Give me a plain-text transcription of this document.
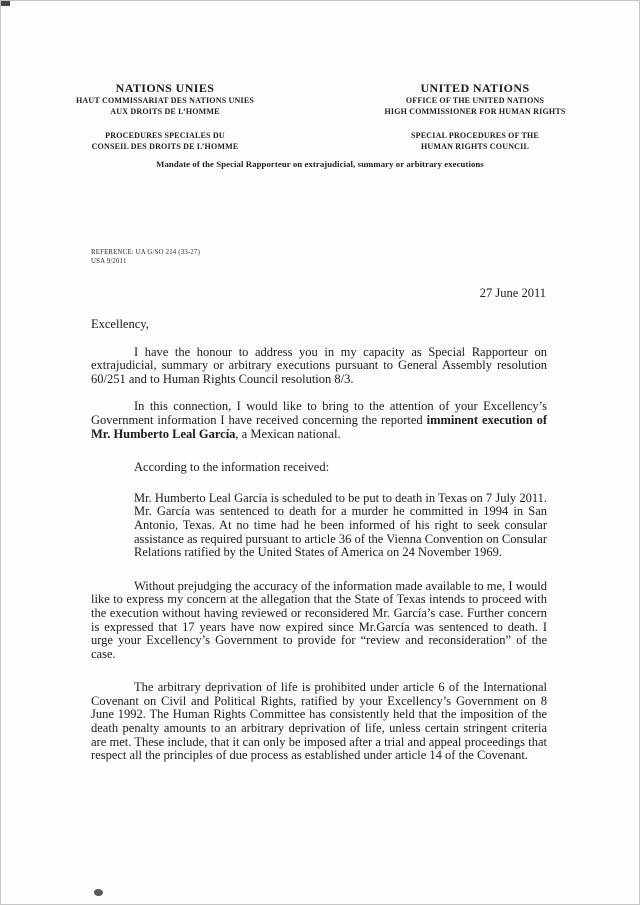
NATIONS UNIES
HAUT COMMISSARIAT DES NATIONS UNIES
AUX DROITS DE L’HOMME
PROCEDURES SPECIALES DU
CONSEIL DES DROITS DE L’HOMME
UNITED NATIONS
OFFICE OF THE UNITED NATIONS
HIGH COMMISSIONER FOR HUMAN RIGHTS
SPECIAL PROCEDURES OF THE
HUMAN RIGHTS COUNCIL
Mandate of the Special Rapporteur on extrajudicial, summary or arbitrary executions
REFERENCE: UA G/SO 214 (33-27)
USA 9/2011
27 June 2011

Excellency,

I have the honour to address you in my capacity as Special Rapporteur on extrajudicial, summary or arbitrary executions pursuant to General Assembly resolution 60/251 and to Human Rights Council resolution 8/3.

In this connection, I would like to bring to the attention of your Excellency’s Government information I have received concerning the reported imminent execution of Mr. Humberto Leal García, a Mexican national.

According to the information received:

Mr. Humberto Leal García is scheduled to be put to death in Texas on 7 July 2011. Mr. García was sentenced to death for a murder he committed in 1994 in San Antonio, Texas. At no time had he been informed of his right to seek consular assistance as required pursuant to article 36 of the Vienna Convention on Consular Relations ratified by the United States of America on 24 November 1969.

Without prejudging the accuracy of the information made available to me, I would like to express my concern at the allegation that the State of Texas intends to proceed with the execution without having reviewed or reconsidered Mr. García’s case. Further concern is expressed that 17 years have now expired since Mr.García was sentenced to death. I urge your Excellency’s Government to provide for “review and reconsideration” of the case.

The arbitrary deprivation of life is prohibited under article 6 of the International Covenant on Civil and Political Rights, ratified by your Excellency’s Government on 8 June 1992. The Human Rights Committee has consistently held that the imposition of the death penalty amounts to an arbitrary deprivation of life, unless certain stringent criteria are met. These include, that it can only be imposed after a trial and appeal proceedings that respect all the principles of due process as established under article 14 of the Covenant.
